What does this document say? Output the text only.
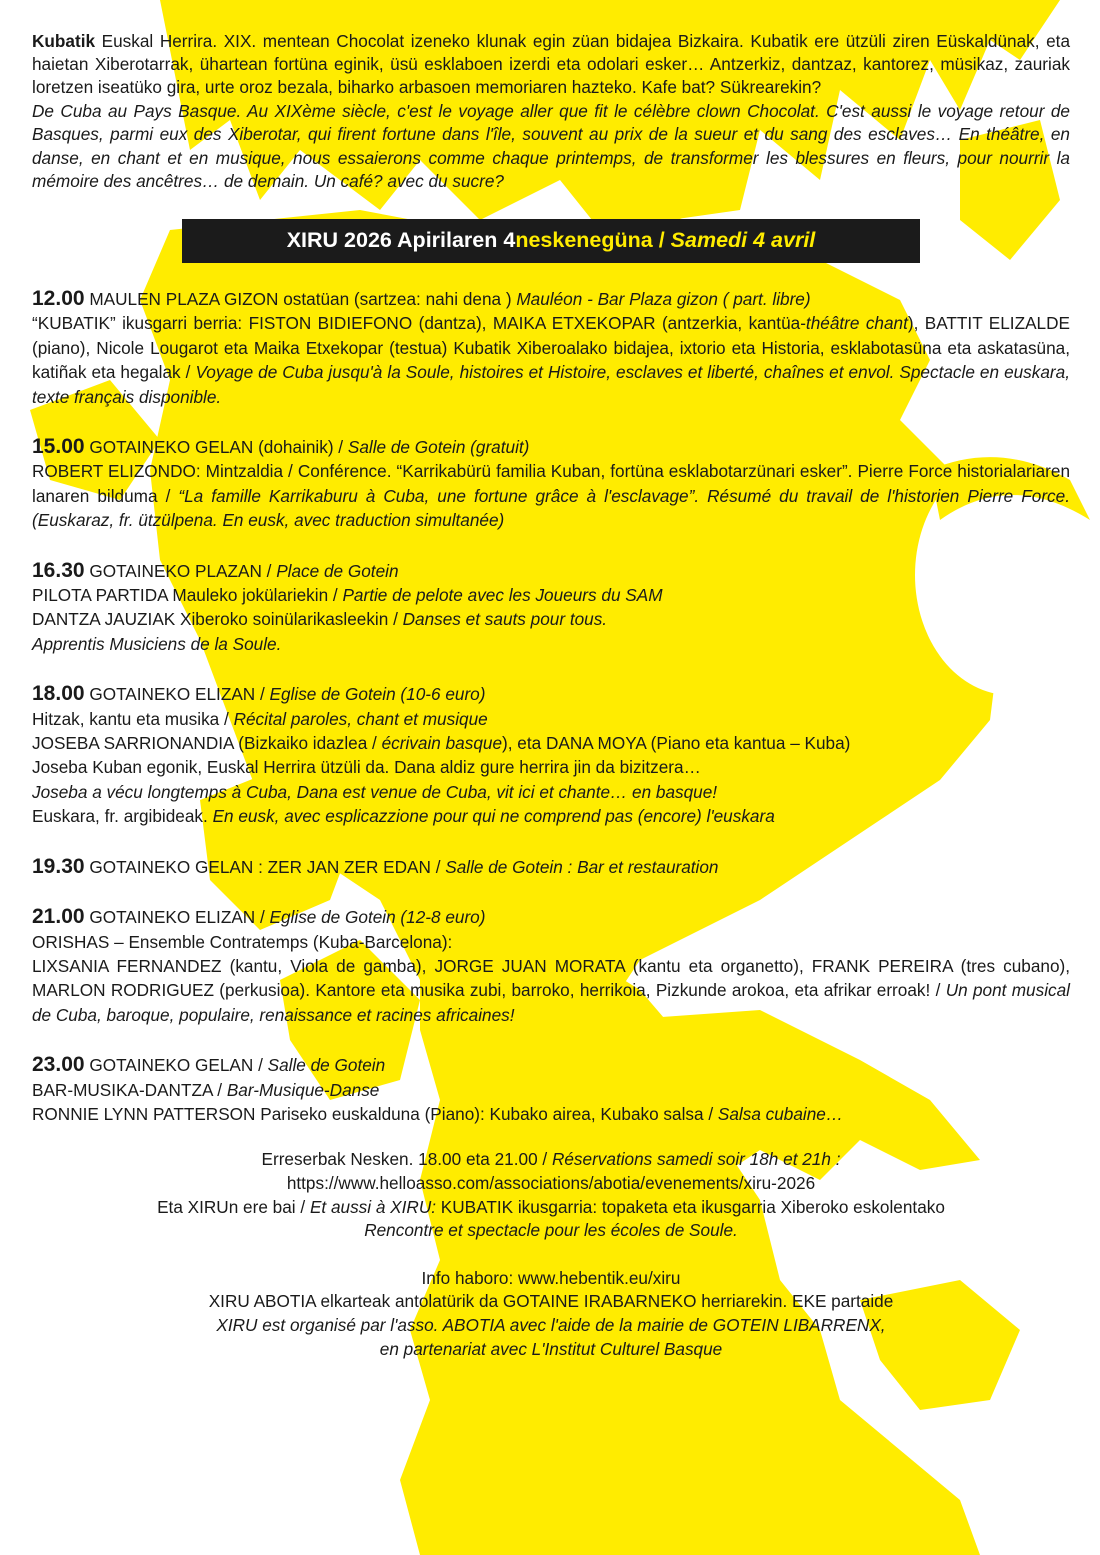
Kubatik Euskal Herrira. XIX. mentean Chocolat izeneko klunak egin züan bidajea Bizkaira. Kubatik ere ützüli ziren Eüskaldünak, eta haietan Xiberotarrak, ühartean fortüna eginik, üsü esklaboen izerdi eta odolari esker… Antzerkiz, dantzaz, kantorez, müsikaz, zauriak loretzen iseatüko gira, urte oroz bezala, biharko arbasoen memoriaren hazteko. Kafe bat? Sükrearekin?

De Cuba au Pays Basque. Au XIXème siècle, c'est le voyage aller que fit le célèbre clown Chocolat. C'est aussi le voyage retour de Basques, parmi eux des Xiberotar, qui firent fortune dans l'île, souvent au prix de la sueur et du sang des esclaves… En théâtre, en danse, en chant et en musique, nous essaierons comme chaque printemps, de transformer les blessures en fleurs, pour nourrir la mémoire des ancêtres… de demain. Un café? avec du sucre?

XIRU 2026 Apirilaren 4 neskenegüna / Samedi 4 avril

12.00 MAULEN PLAZA GIZON ostatüan (sartzea: nahi dena ) Mauléon - Bar Plaza gizon ( part. libre)

“KUBATIK” ikusgarri berria: FISTON BIDIEFONO (dantza), MAIKA ETXEKOPAR (antzerkia, kantüa-théâtre chant), BATTIT ELIZALDE (piano), Nicole Lougarot eta Maika Etxekopar (testua) Kubatik Xiberoalako bidajea, ixtorio eta Historia, esklabotasüna eta askatasüna, katiñak eta hegalak / Voyage de Cuba jusqu'à la Soule, histoires et Histoire, esclaves et liberté, chaînes et envol. Spectacle en euskara, texte français disponible.

15.00 GOTAINEKO GELAN (dohainik) / Salle de Gotein (gratuit)

ROBERT ELIZONDO: Mintzaldia / Conférence. “Karrikabürü familia Kuban, fortüna esklabotarzünari esker”. Pierre Force historialariaren lanaren bilduma / “La famille Karrikaburu à Cuba, une fortune grâce à l'esclavage”. Résumé du travail de l'historien Pierre Force.(Euskaraz, fr. ützülpena. En eusk, avec traduction simultanée)

16.30 GOTAINEKO PLAZAN / Place de Gotein

PILOTA PARTIDA Mauleko jokülariekin / Partie de pelote avec les Joueurs du SAM

DANTZA JAUZIAK Xiberoko soinülarikasleekin / Danses et sauts pour tous.

Apprentis Musiciens de la Soule.

18.00 GOTAINEKO ELIZAN / Eglise de Gotein (10-6 euro)

Hitzak, kantu eta musika / Récital paroles, chant et musique

JOSEBA SARRIONANDIA (Bizkaiko idazlea / écrivain basque), eta DANA MOYA (Piano eta kantua – Kuba)

Joseba Kuban egonik, Euskal Herrira ützüli da. Dana aldiz gure herrira jin da bizitzera…

Joseba a vécu longtemps à Cuba, Dana est venue de Cuba, vit ici et chante… en basque!

Euskara, fr. argibideak. En eusk, avec esplicazzione pour qui ne comprend pas (encore) l'euskara

19.30 GOTAINEKO GELAN : ZER JAN ZER EDAN / Salle de Gotein : Bar et restauration

21.00 GOTAINEKO ELIZAN / Eglise de Gotein (12-8 euro)

ORISHAS – Ensemble Contratemps (Kuba-Barcelona):

LIXSANIA FERNANDEZ (kantu, Viola de gamba), JORGE JUAN MORATA (kantu eta organetto), FRANK PEREIRA (tres cubano), MARLON RODRIGUEZ (perkusioa). Kantore eta musika zubi, barroko, herrikoia, Pizkunde arokoa, eta afrikar erroak! / Un pont musical de Cuba, baroque, populaire, renaissance et racines africaines!

23.00 GOTAINEKO GELAN / Salle de Gotein

BAR-MUSIKA-DANTZA / Bar-Musique-Danse

RONNIE LYNN PATTERSON Pariseko euskalduna (Piano): Kubako airea, Kubako salsa / Salsa cubaine…

Erreserbak Nesken. 18.00 eta 21.00 / Réservations samedi soir 18h et 21h :

https://www.helloasso.com/associations/abotia/evenements/xiru-2026

Eta XIRUn ere bai / Et aussi à XIRU: KUBATIK ikusgarria: topaketa eta ikusgarria Xiberoko eskolentako

Rencontre et spectacle pour les écoles de Soule.

Info haboro: www.hebentik.eu/xiru

XIRU ABOTIA elkarteak antolatürik da GOTAINE IRABARNEKO herriarekin. EKE partaide

XIRU est organisé par l'asso. ABOTIA avec l'aide de la mairie de GOTEIN LIBARRENX,

en partenariat avec L'Institut Culturel Basque
